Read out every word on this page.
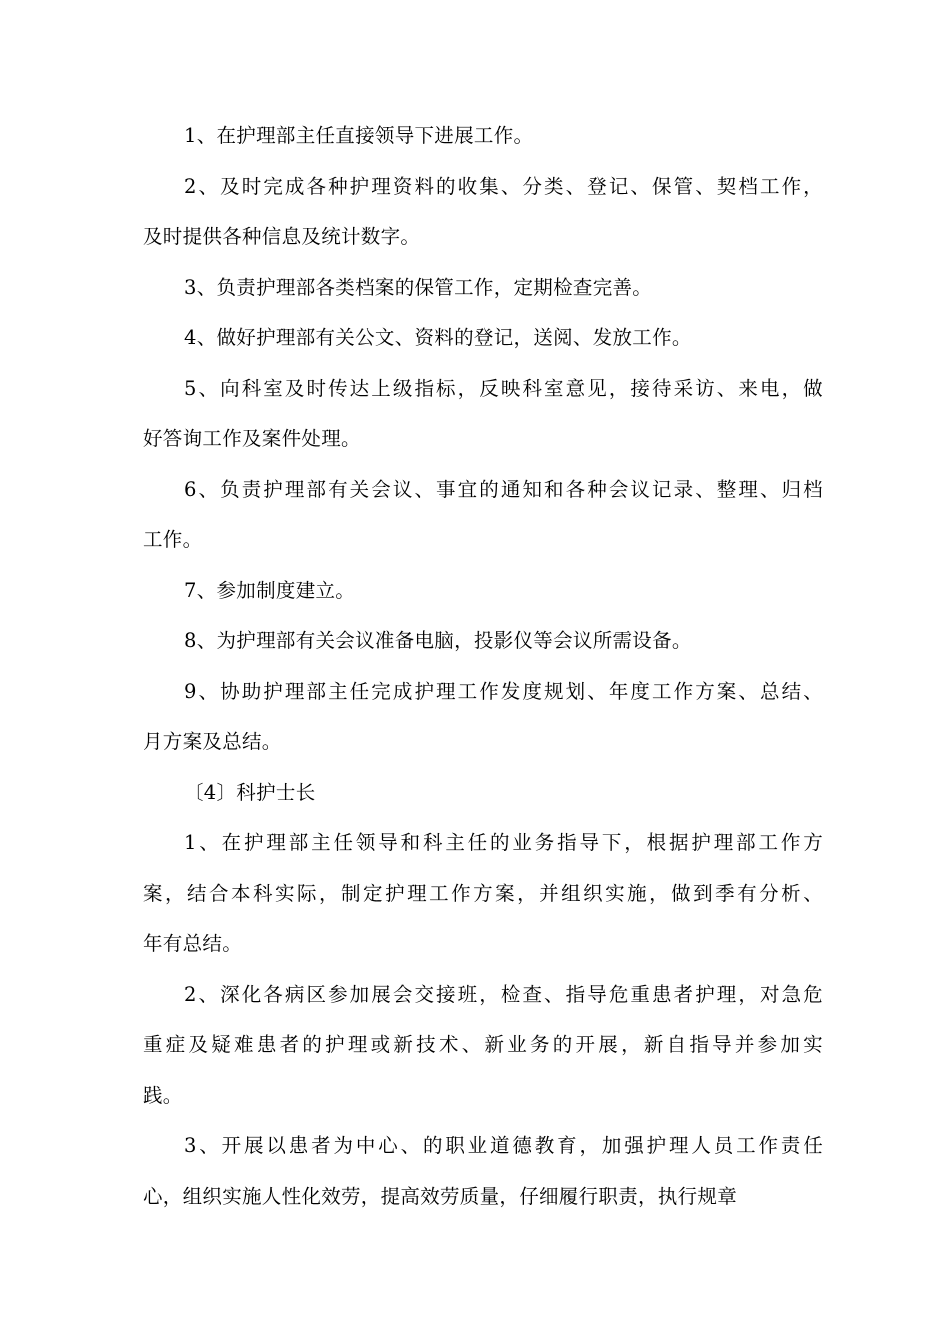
1、在护理部主任直接领导下进展工作。

2、及时完成各种护理资料的收集、分类、登记、保管、契档工作，
及时提供各种信息及统计数字。

3、负责护理部各类档案的保管工作，定期检查完善。

4、做好护理部有关公文、资料的登记，送阅、发放工作。

5、向科室及时传达上级指标，反映科室意见，接待采访、来电，做
好答询工作及案件处理。

6、负责护理部有关会议、事宜的通知和各种会议记录、整理、归档
工作。

7、参加制度建立。

8、为护理部有关会议准备电脑，投影仪等会议所需设备。

9、协助护理部主任完成护理工作发度规划、年度工作方案、总结、
月方案及总结。

〔4〕科护士长

1、在护理部主任领导和科主任的业务指导下，根据护理部工作方
案，结合本科实际，制定护理工作方案，并组织实施，做到季有分析、
年有总结。

2、深化各病区参加展会交接班，检查、指导危重患者护理，对急危
重症及疑难患者的护理或新技术、新业务的开展，新自指导并参加实
践。

3、开展以患者为中心、的职业道德教育，加强护理人员工作责任
心，组织实施人性化效劳，提高效劳质量，仔细履行职责，执行规章
